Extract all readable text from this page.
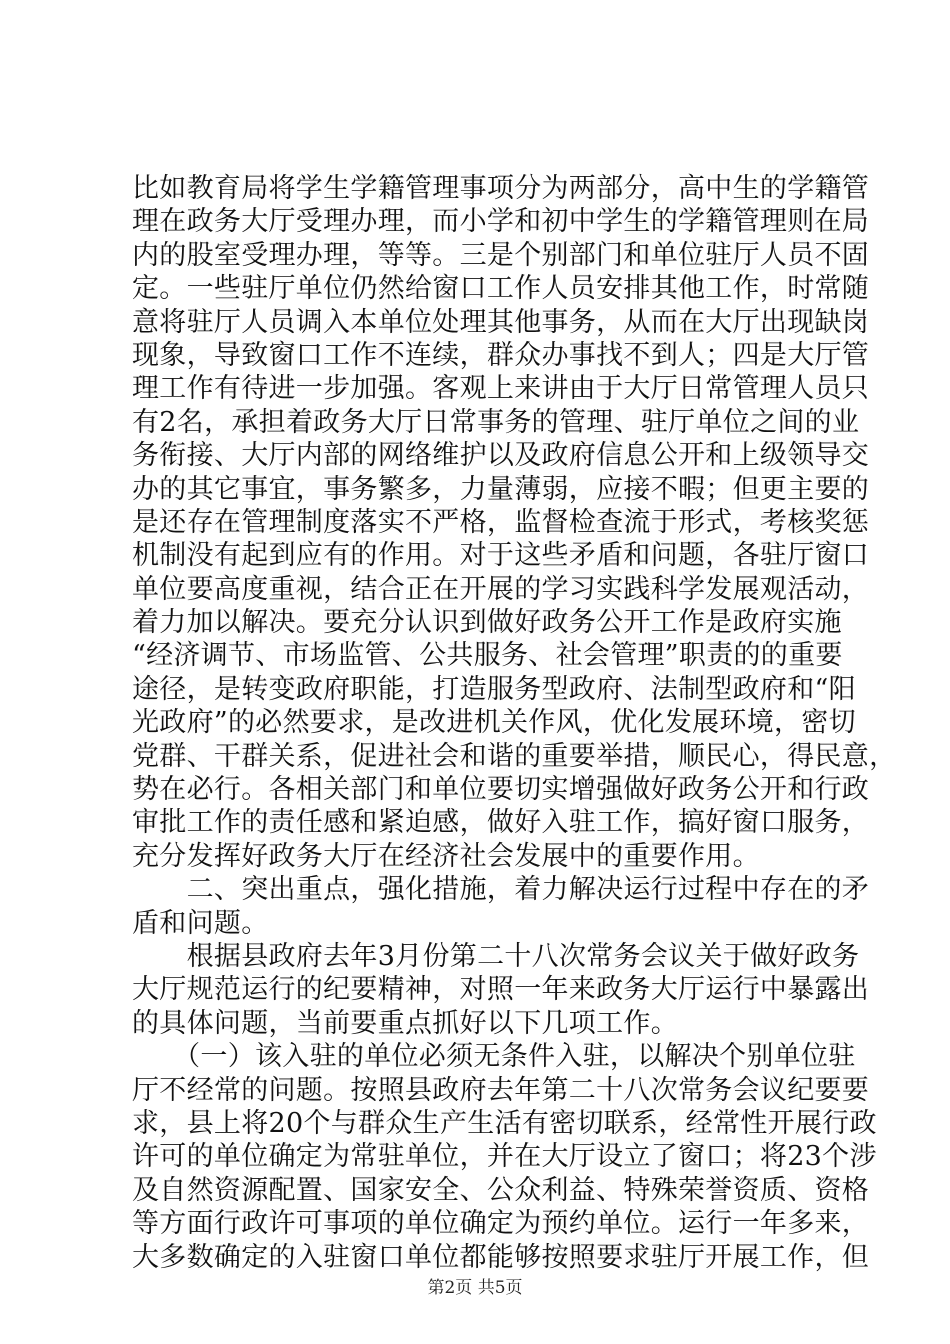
比如教育局将学生学籍管理事项分为两部分，高中生的学籍管
理在政务大厅受理办理，而小学和初中学生的学籍管理则在局
内的股室受理办理，等等。三是个别部门和单位驻厅人员不固
定。一些驻厅单位仍然给窗口工作人员安排其他工作，时常随
意将驻厅人员调入本单位处理其他事务，从而在大厅出现缺岗
现象，导致窗口工作不连续，群众办事找不到人；四是大厅管
理工作有待进一步加强。客观上来讲由于大厅日常管理人员只
有2名，承担着政务大厅日常事务的管理、驻厅单位之间的业
务衔接、大厅内部的网络维护以及政府信息公开和上级领导交
办的其它事宜，事务繁多，力量薄弱，应接不暇；但更主要的
是还存在管理制度落实不严格，监督检查流于形式，考核奖惩
机制没有起到应有的作用。对于这些矛盾和问题，各驻厅窗口
单位要高度重视，结合正在开展的学习实践科学发展观活动，
着力加以解决。要充分认识到做好政务公开工作是政府实施
“经济调节、市场监管、公共服务、社会管理”职责的的重要
途径，是转变政府职能，打造服务型政府、法制型政府和“阳
光政府”的必然要求，是改进机关作风，优化发展环境，密切
党群、干群关系，促进社会和谐的重要举措，顺民心，得民意，
势在必行。各相关部门和单位要切实增强做好政务公开和行政
审批工作的责任感和紧迫感，做好入驻工作，搞好窗口服务，
充分发挥好政务大厅在经济社会发展中的重要作用。
　　二、突出重点，强化措施，着力解决运行过程中存在的矛
盾和问题。
　　根据县政府去年3月份第二十八次常务会议关于做好政务
大厅规范运行的纪要精神，对照一年来政务大厅运行中暴露出
的具体问题，当前要重点抓好以下几项工作。
　　（一）该入驻的单位必须无条件入驻，以解决个别单位驻
厅不经常的问题。按照县政府去年第二十八次常务会议纪要要
求，县上将20个与群众生产生活有密切联系，经常性开展行政
许可的单位确定为常驻单位，并在大厅设立了窗口；将23个涉
及自然资源配置、国家安全、公众利益、特殊荣誉资质、资格
等方面行政许可事项的单位确定为预约单位。运行一年多来，
大多数确定的入驻窗口单位都能够按照要求驻厅开展工作，但
第2页 共5页
